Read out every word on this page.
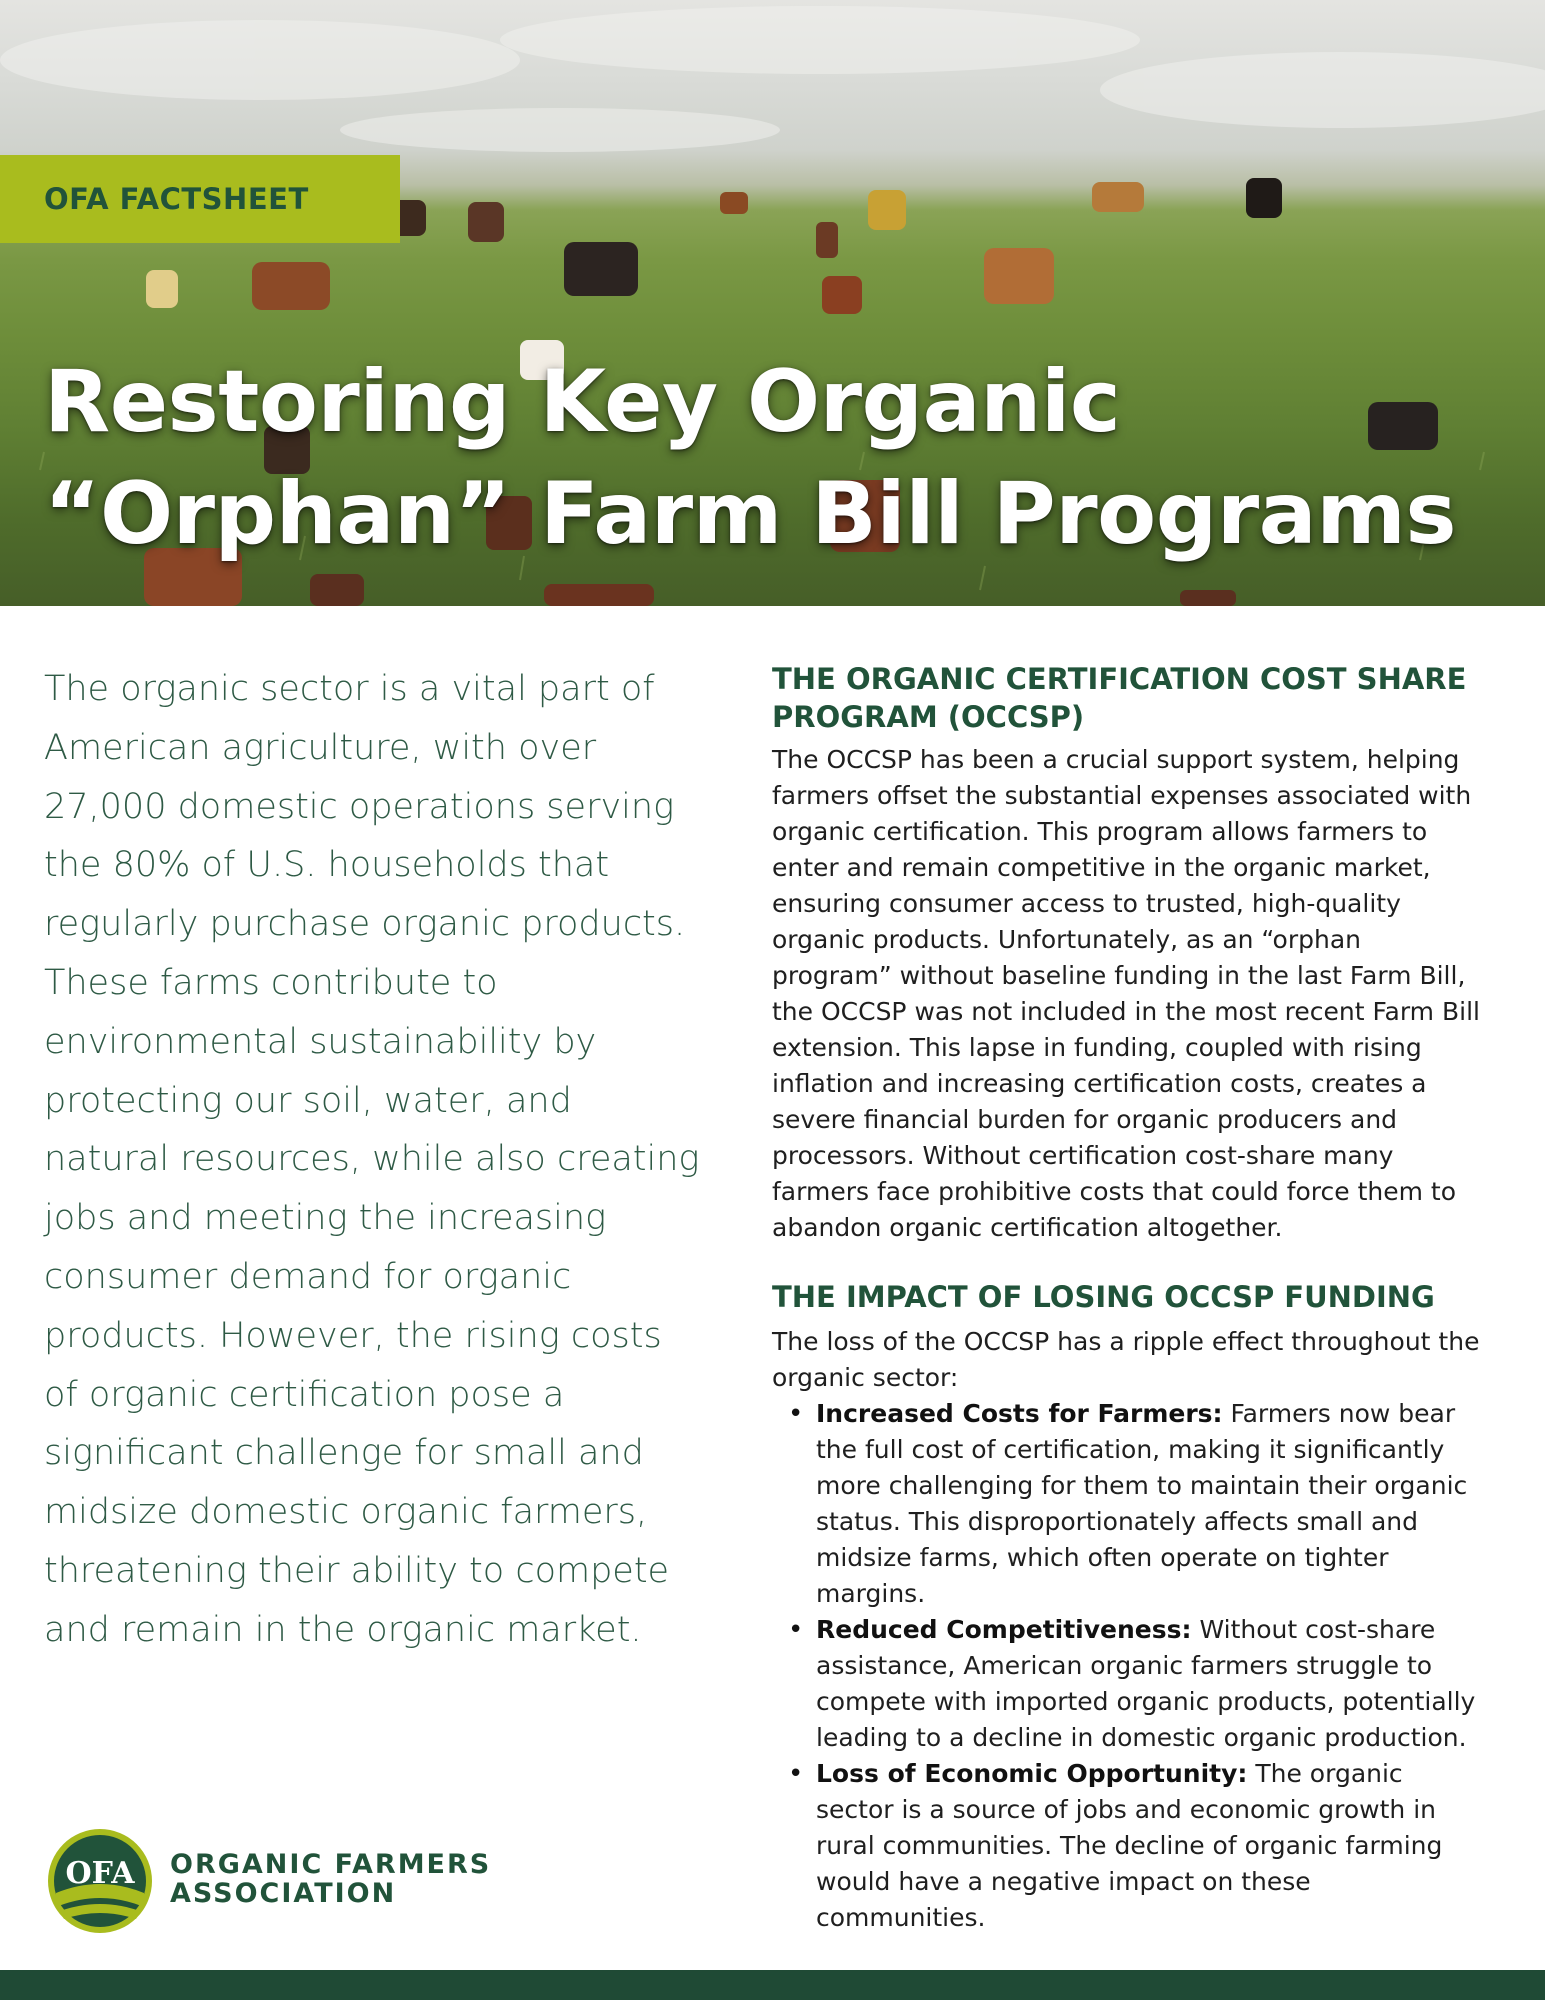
OFA FACTSHEET
Restoring Key Organic
“Orphan” Farm Bill Programs

The organic sector is a vital part of American agriculture, with over 27,000 domestic operations serving the 80% of U.S. households that regularly purchase organic products. These farms contribute to environmental sustainability by protecting our soil, water, and natural resources, while also creating jobs and meeting the increasing consumer demand for organic products. However, the rising costs of organic certification pose a significant challenge for small and midsize domestic organic farmers, threatening their ability to compete and remain in the organic market.

OFA ORGANIC FARMERS
ASSOCIATION
THE ORGANIC CERTIFICATION COST SHARE PROGRAM (OCCSP)

The OCCSP has been a crucial support system, helping farmers offset the substantial expenses associated with organic certification. This program allows farmers to enter and remain competitive in the organic market, ensuring consumer access to trusted, high-quality organic products. Unfortunately, as an “orphan program” without baseline funding in the last Farm Bill, the OCCSP was not included in the most recent Farm Bill extension. This lapse in funding, coupled with rising inflation and increasing certification costs, creates a severe financial burden for organic producers and processors. Without certification cost-share many farmers face prohibitive costs that could force them to abandon organic certification altogether.

THE IMPACT OF LOSING OCCSP FUNDING

The loss of the OCCSP has a ripple effect throughout the organic sector:

• Increased Costs for Farmers: Farmers now bear the full cost of certification, making it significantly more challenging for them to maintain their organic status. This disproportionately affects small and midsize farms, which often operate on tighter margins.
• Reduced Competitiveness: Without cost-share assistance, American organic farmers struggle to compete with imported organic products, potentially leading to a decline in domestic organic production.
• Loss of Economic Opportunity: The organic sector is a source of jobs and economic growth in rural communities. The decline of organic farming would have a negative impact on these communities.
